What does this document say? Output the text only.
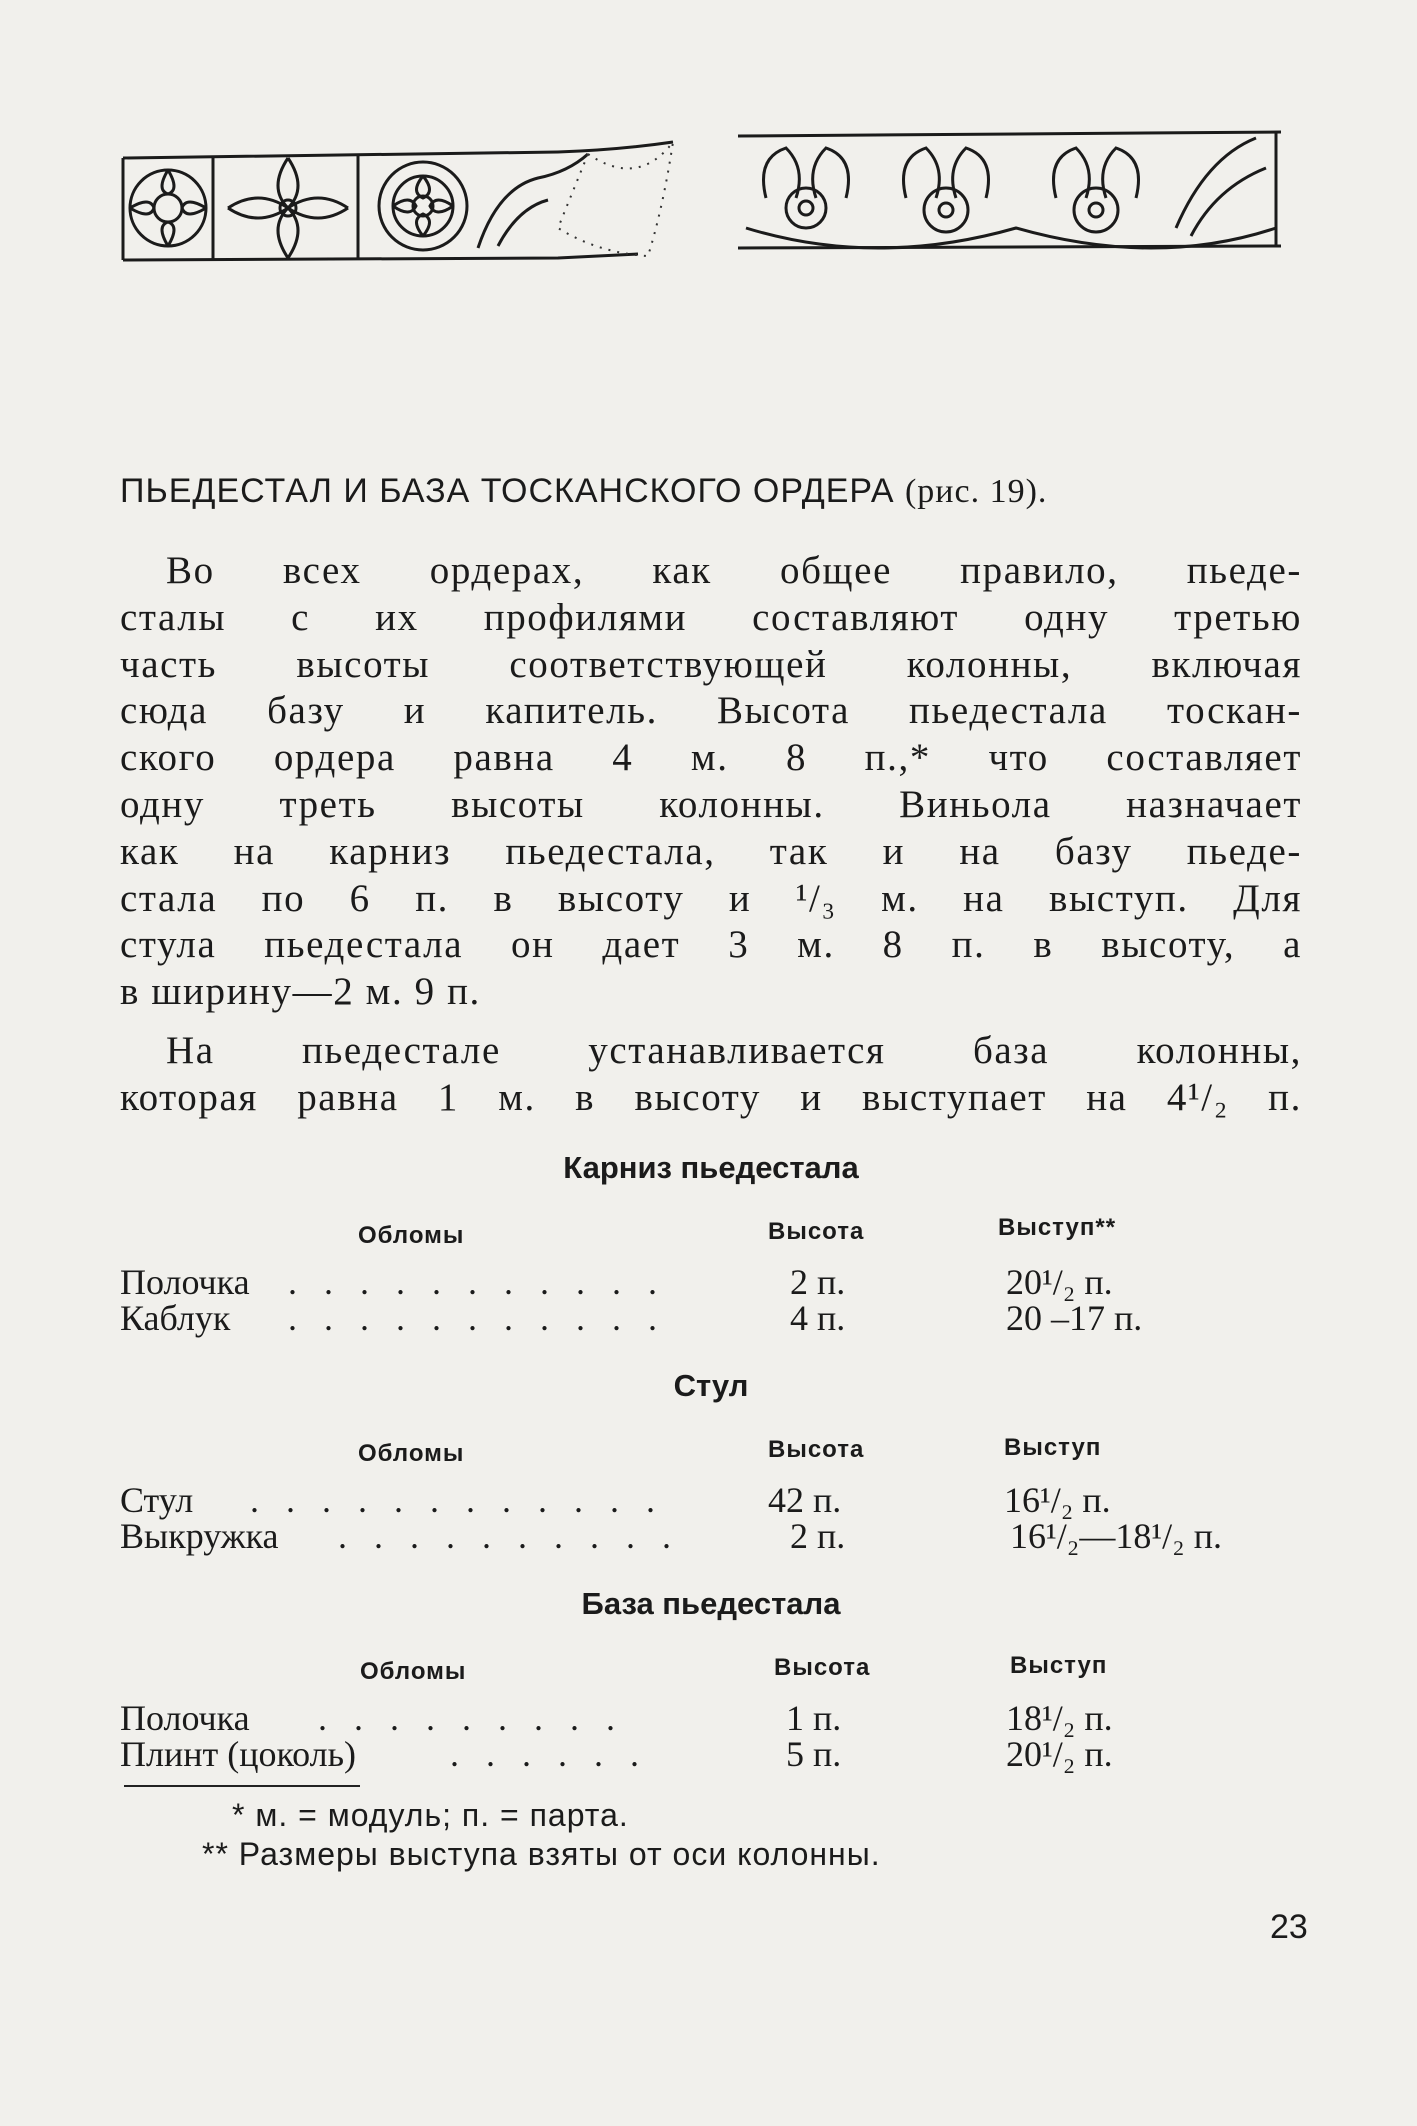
ПЬЕДЕСТАЛ И БАЗА ТОСКАНСКОГО ОРДЕРА (рис. 19).

Во всех ордерах, как общее правило, пьеде-
сталы с их профилями составляют одну третью
часть высоты соответствующей колонны, включая
сюда базу и капитель. Высота пьедестала тоскан-
ского ордера равна 4 м. 8 п.,* что составляет
одну треть высоты колонны. Виньола назначает
как на карниз пьедестала, так и на базу пьеде-
стала по 6 п. в высоту и ¹/₃ м. на выступ. Для
стула пьедестала он дает 3 м. 8 п. в высоту, а
в ширину—2 м. 9 п.

На пьедестале устанавливается база колонны,
которая равна 1 м. в высоту и выступает на 4¹/₂ п.

Карниз пьедестала
Обломы	Высота	Выступ**
Полочка . . . . . . . . . . .	2 п.	20¹/₂ п.
Каблук . . . . . . . . . . .	4 п.	20 –17 п.
Стул
Обломы	Высота	Выступ
Стул . . . . . . . . . . . .	42 п.	16¹/₂ п.
Выкружка . . . . . . . . . .	2 п.	16¹/₂—18¹/₂ п.
База пьедестала
Обломы	Высота	Выступ
Полочка . . . . . . . . .	1 п.	18¹/₂ п.
Плинт (цоколь)	. . . . . .	5 п.	20¹/₂ п.
* м. = модуль; п. = парта.
** Размеры выступа взяты от оси колонны.
23
